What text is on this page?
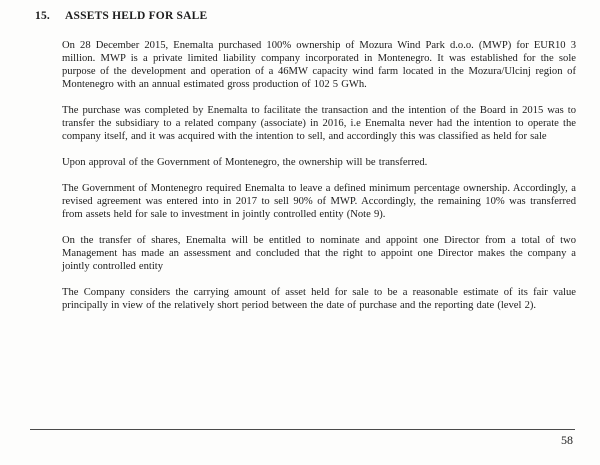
15.	ASSETS HELD FOR SALE

On 28 December 2015, Enemalta purchased 100% ownership of Mozura Wind Park d.o.o. (MWP) for EUR10 3 million. MWP is a private limited liability company incorporated in Montenegro. It was established for the sole purpose of the development and operation of a 46MW capacity wind farm located in the Mozura/Ulcinj region of Montenegro with an annual estimated gross production of 102 5 GWh.

The purchase was completed by Enemalta to facilitate the transaction and the intention of the Board in 2015 was to transfer the subsidiary to a related company (associate) in 2016, i.e Enemalta never had the intention to operate the company itself, and it was acquired with the intention to sell, and accordingly this was classified as held for sale

Upon approval of the Government of Montenegro, the ownership will be transferred.

The Government of Montenegro required Enemalta to leave a defined minimum percentage ownership. Accordingly, a revised agreement was entered into in 2017 to sell 90% of MWP. Accordingly, the remaining 10% was transferred from assets held for sale to investment in jointly controlled entity (Note 9).

On the transfer of shares, Enemalta will be entitled to nominate and appoint one Director from a total of two Management has made an assessment and concluded that the right to appoint one Director makes the company a jointly controlled entity

The Company considers the carrying amount of asset held for sale to be a reasonable estimate of its fair value principally in view of the relatively short period between the date of purchase and the reporting date (level 2).

58
